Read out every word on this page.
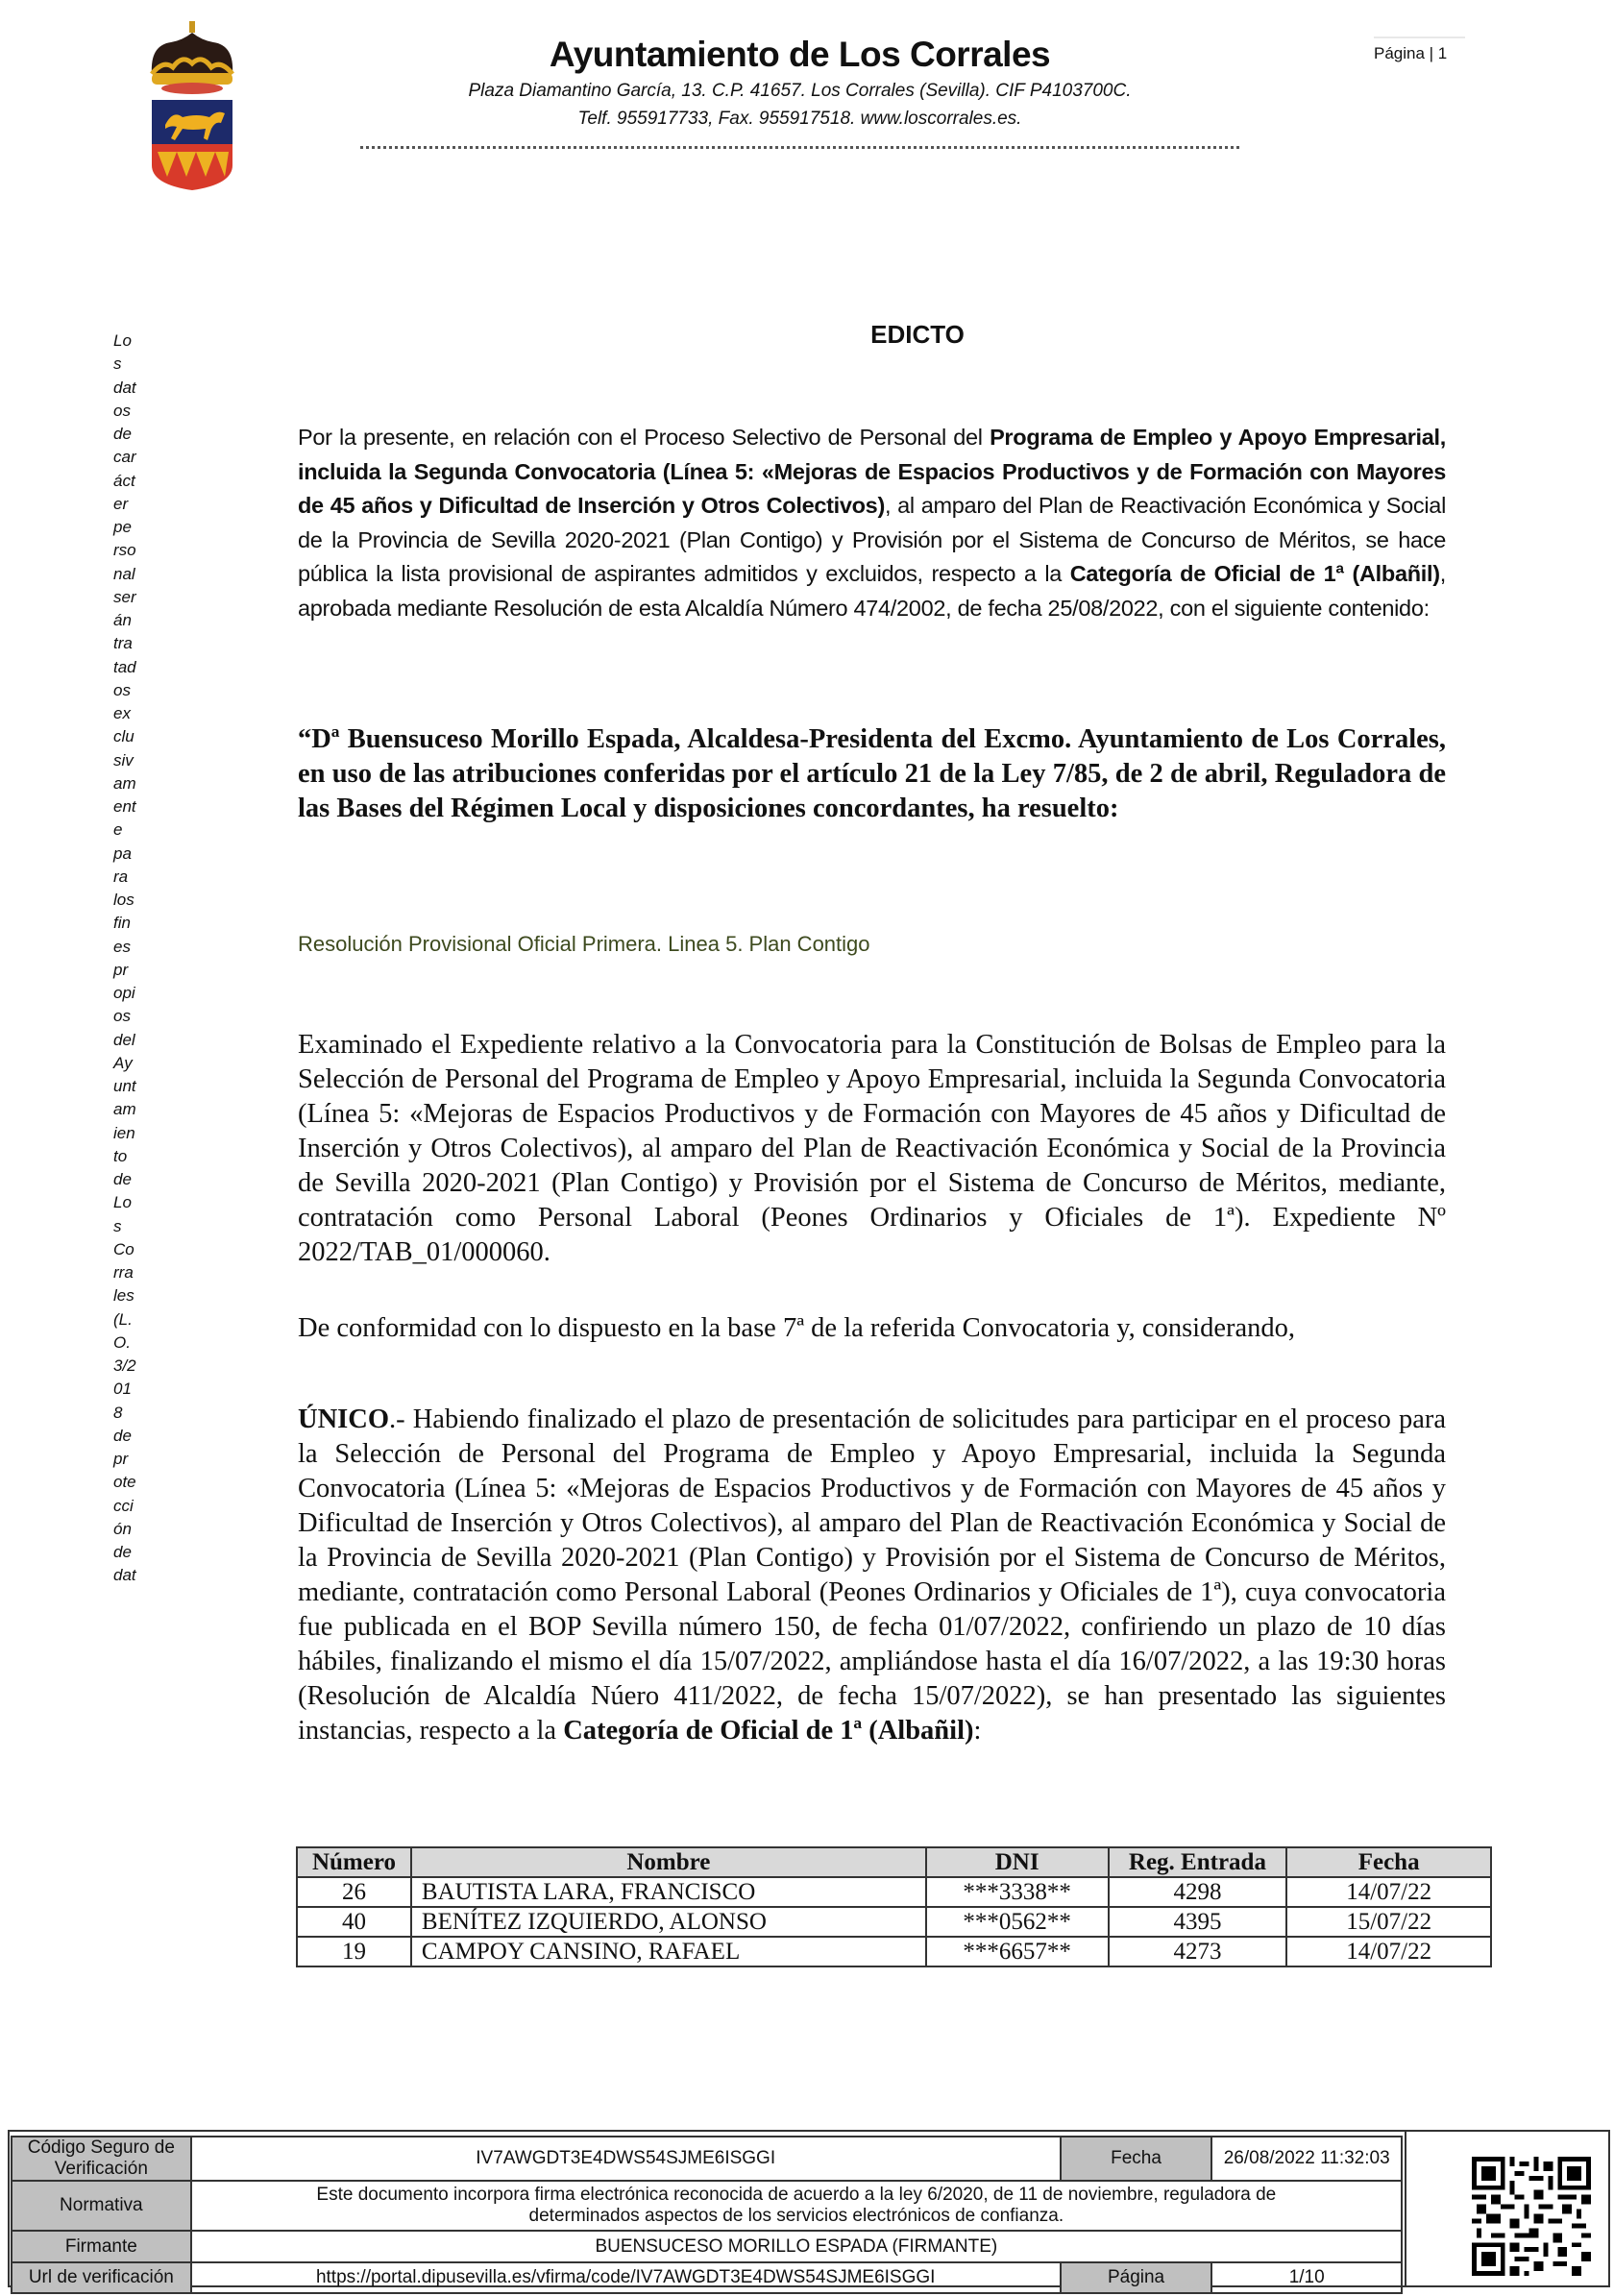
Ayuntamiento de Los Corrales
Plaza Diamantino García, 13. C.P. 41657. Los Corrales (Sevilla). CIF P4103700C.
Telf. 955917733, Fax. 955917518. www.loscorrales.es.
Página | 1
Lo
s
dat
os
de
car
áct
er
pe
rso
nal
ser
án
tra
tad
os
ex
clu
siv
am
ent
e
pa
ra
los
fin
es
pr
opi
os
del
Ay
unt
am
ien
to
de
Lo
s
Co
rra
les
(L.
O.
3/2
01
8
de
pr
ote
cci
ón
de
dat
EDICTO
Por la presente, en relación con el Proceso Selectivo de Personal del Programa de Empleo y Apoyo Empresarial, incluida la Segunda Convocatoria (Línea 5: «Mejoras de Espacios Productivos y de Formación con Mayores de 45 años y Dificultad de Inserción y Otros Colectivos), al amparo del Plan de Reactivación Económica y Social de la Provincia de Sevilla 2020-2021 (Plan Contigo) y Provisión por el Sistema de Concurso de Méritos, se hace pública la lista provisional de aspirantes admitidos y excluidos, respecto a la Categoría de Oficial de 1ª (Albañil), aprobada mediante Resolución de esta Alcaldía Número 474/2002, de fecha 25/08/2022, con el siguiente contenido:
“Dª Buensuceso Morillo Espada, Alcaldesa-Presidenta del Excmo. Ayuntamiento de Los Corrales, en uso de las atribuciones conferidas por el artículo 21 de la Ley 7/85, de 2 de abril, Reguladora de las Bases del Régimen Local y disposiciones concordantes, ha resuelto:
Resolución Provisional Oficial Primera. Linea 5. Plan Contigo
Examinado el Expediente relativo a la Convocatoria para la Constitución de Bolsas de Empleo para la Selección de Personal del Programa de Empleo y Apoyo Empresarial, incluida la Segunda Convocatoria (Línea 5: «Mejoras de Espacios Productivos y de Formación con Mayores de 45 años y Dificultad de Inserción y Otros Colectivos), al amparo del Plan de Reactivación Económica y Social de la Provincia de Sevilla 2020-2021 (Plan Contigo) y Provisión por el Sistema de Concurso de Méritos, mediante, contratación como Personal Laboral (Peones Ordinarios y Oficiales de 1ª). Expediente Nº 2022/TAB_01/000060.
De conformidad con lo dispuesto en la base 7ª de la referida Convocatoria y, considerando,
ÚNICO.- Habiendo finalizado el plazo de presentación de solicitudes para participar en el proceso para la Selección de Personal del Programa de Empleo y Apoyo Empresarial, incluida la Segunda Convocatoria (Línea 5: «Mejoras de Espacios Productivos y de Formación con Mayores de 45 años y Dificultad de Inserción y Otros Colectivos), al amparo del Plan de Reactivación Económica y Social de la Provincia de Sevilla 2020-2021 (Plan Contigo) y Provisión por el Sistema de Concurso de Méritos, mediante, contratación como Personal Laboral (Peones Ordinarios y Oficiales de 1ª), cuya convocatoria fue publicada en el BOP Sevilla número 150, de fecha 01/07/2022, confiriendo un plazo de 10 días hábiles, finalizando el mismo el día 15/07/2022, ampliándose hasta el día 16/07/2022, a las 19:30 horas (Resolución de Alcaldía Núero 411/2022, de fecha 15/07/2022), se han presentado las siguientes instancias, respecto a la Categoría de Oficial de 1ª (Albañil):
Número	Nombre	DNI	Reg. Entrada	Fecha
26	BAUTISTA LARA, FRANCISCO	***3338**	4298	14/07/22
40	BENÍTEZ IZQUIERDO, ALONSO	***0562**	4395	15/07/22
19	CAMPOY CANSINO, RAFAEL	***6657**	4273	14/07/22
Código Seguro de Verificación	IV7AWGDT3E4DWS54SJME6ISGGI	Fecha	26/08/2022 11:32:03
Normativa	Este documento incorpora firma electrónica reconocida de acuerdo a la ley 6/2020, de 11 de noviembre, reguladora de
determinados aspectos de los servicios electrónicos de confianza.		
Firmante	BUENSUCESO MORILLO ESPADA (FIRMANTE)		
Url de verificación	https://portal.dipusevilla.es/vfirma/code/IV7AWGDT3E4DWS54SJME6ISGGI	Página	1/10
